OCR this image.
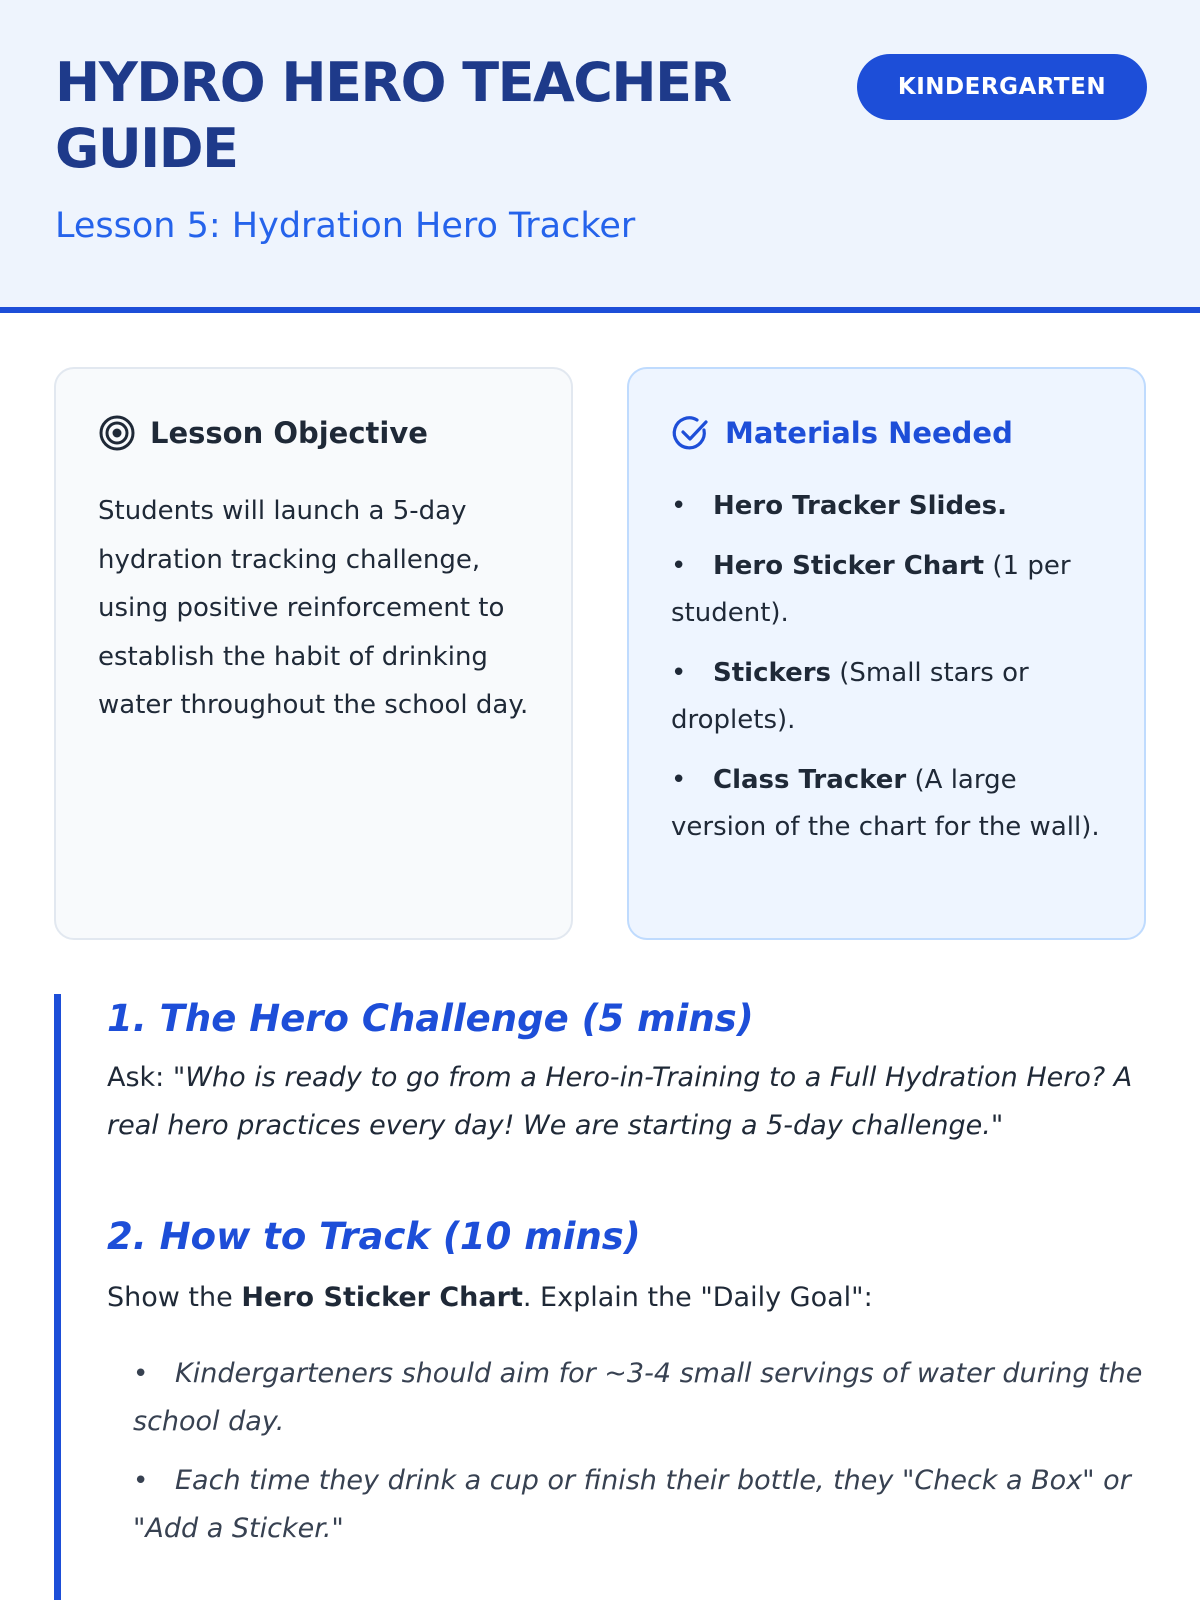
HYDRO HERO TEACHER GUIDE
Lesson 5: Hydration Hero Tracker
KINDERGARTEN
Lesson Objective

Students will launch a 5-day hydration tracking challenge, using positive reinforcement to establish the habit of drinking water throughout the school day.

Materials Needed
• Hero Tracker Slides.
• Hero Sticker Chart (1 per student).
• Stickers (Small stars or droplets).
• Class Tracker (A large version of the chart for the wall).
1. The Hero Challenge (5 mins)

Ask: "Who is ready to go from a Hero-in-Training to a Full Hydration Hero? A real hero practices every day! We are starting a 5-day challenge."

2. How to Track (10 mins)

Show the Hero Sticker Chart. Explain the "Daily Goal":

• Kindergarteners should aim for ~3-4 small servings of water during the school day.
• Each time they drink a cup or finish their bottle, they "Check a Box" or "Add a Sticker."
